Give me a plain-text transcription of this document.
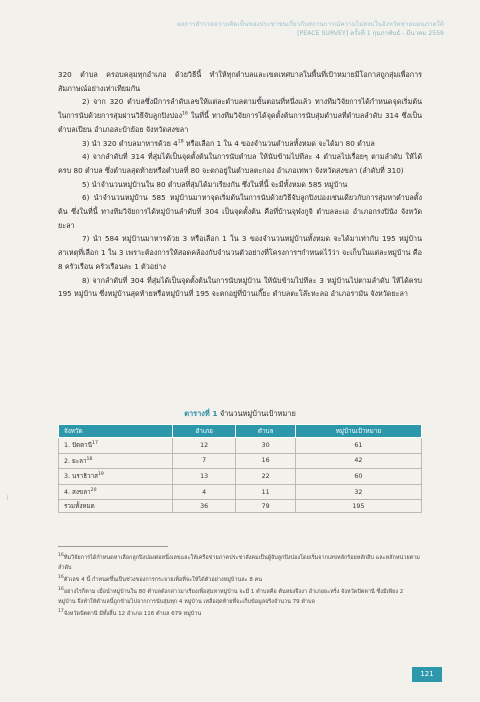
ผลการสำรวจความคิดเห็นของประชาชนเกี่ยวกับสถานการณ์ความไม่สงบในจังหวัดชายแดนภาคใต้
[PEACE SURVEY] ครั้งที่ 1 กุมภาพันธ์ - มีนาคม 2559

320 ตำบล ครอบคลุมทุกอำเภอ ด้วยวิธีนี้ ทำให้ทุกตำบลและเขตเทศบาลในพื้นที่เป้าหมายมีโอกาสถูกสุ่มเพื่อการสัมภาษณ์อย่างเท่าเทียมกัน

2) จาก 320 ตำบลซึ่งมีการลำดับเลขให้แต่ละตำบลตามขั้นตอนที่หนึ่งแล้ว ทางทีมวิจัยการได้กำหนดจุดเริ่มต้นในการนับด้วยการสุ่มผ่านวิธีจับลูกปิงปอง$^{16}$ ในที่นี้ ทางทีมวิจัยการได้จุดตั้งต้นการนับสุ่มตำบลที่ตำบลลำดับ 314 ซึ่งเป็นตำบลเปียน อำเภอสะบ้าย้อย จังหวัดสงขลา

3) นำ 320 ตำบลมาหารด้วย $4^{18}$ หรือเลือก 1 ใน 4 ของจำนวนตำบลทั้งหมด จะได้มา 80 ตำบล

4) จากลำดับที่ 314 ที่สุ่มได้เป็นจุดตั้งต้นในการนับตำบล ให้นับข้ามไปทีละ 4 ตำบลไปเรื่อยๆ ตามลำดับ ให้ได้ครบ 80 ตำบล ซึ่งตำบลสุดท้ายหรือตำบลที่ 80 จะตกอยู่ในตำบลตะกอง อำเภอเทพา จังหวัดสงขลา (ลำดับที่ 310)

5) นำจำนวนหมู่บ้านใน 80 ตำบลที่สุ่มได้มาเรียงกัน ซึ่งในที่นี้ จะมีทั้งหมด 585 หมู่บ้าน

6) นำจำนวนหมู่บ้าน 585 หมู่บ้านมาหาจุดเริ่มต้นในการนับด้วยวิธีจับลูกปิงปองเช่นเดียวกับการสุ่มหาตำบลตั้งต้น ซึ่งในที่นี้ ทางทีมวิจัยการได้หมู่บ้านลำดับที่ 304 เป็นจุดตั้งต้น คือที่บ้านจุฬงกูจิ ตำบลละเอ อำเภอกรงปินัง จังหวัดยะลา

7) นำ 584 หมู่บ้านมาหารด้วย 3 หรือเลือก 1 ใน 3 ของจำนวนหมู่บ้านทั้งหมด จะได้มาเท่ากับ 195 หมู่บ้าน สาเหตุที่เลือก 1 ใน 3 เพราะต้องการให้สอดคล้องกับจำนวนตัวอย่างที่โครงการฯกำหนดไว้ว่า จะเก็บในแต่ละหมู่บ้าน คือ 8 ครัวเรือน ครัวเรือนละ 1 ตัวอย่าง

8) จากลำดับที่ 304 ที่สุ่มได้เป็นจุดตั้งต้นในการนับหมู่บ้าน ให้นับข้ามไปทีละ 3 หมู่บ้านไปตามลำดับ ให้ได้ครบ 195 หมู่บ้าน ซึ่งหมู่บ้านสุดท้ายหรือหมู่บ้านที่ 195 จะตกอยู่ที่บ้านเกี๊ยะ ตำบลตะโล๊ะหะลอ อำเภอรามัน จังหวัดยะลา

ตารางที่ 1 จำนวนหมู่บ้านเป้าหมาย
จังหวัด	อำเภอ	ตำบล	หมู่บ้านเป้าหมาย
1. ปัตตานี$^{17}$	12	30	61
2. ยะลา$^{18}$	7	16	42
3. นราธิวาส$^{19}$	13	22	60
4. สงขลา$^{20}$	4	11	32
รวมทั้งหมด	36	79	195
~

$^{16}$ทีมวิจัยการได้กำหนดหาเลือกลูกปิงปองต่อหนึ่งเลขและให้เครือข่ายภาคประชาสังคมเป็นผู้จับลูกปิงปองโดยเริ่มจากเลขหลักร้อยหลักสิบ และหลักหน่วยตามลำดับ

$^{16}$ตัวเลข 4 นี้ กำหนดขึ้นเป็นช่วงของการกระจายเพื่อที่จะให้ได้ตัวอย่างหมู่บ้านละ 8 คน

$^{16}$อย่างไรก็ตาม เมื่อนำหมู่บ้านใน 80 ตำบลดังกล่าวมาเรียงเพื่อสุ่มหาหมู่บ้าน จะมี 1 ตำบลคือ ตันหยงจึงงา อำเภอยะหริ่ง จังหวัดปัตตานี ซึ่งมีเพียง 2 หมู่บ้าน จึงทำให้ตำบลนี้ถูกข้ามไปจากการนับสุ่มทุก 4 หมู่บ้าน เหลือสุดท้ายที่จะเก็บข้อมูลจริงจำนวน 79 ตำบล

$^{17}$จังหวัดปัตตานี มีทั้งสิ้น 12 อำเภอ 116 ตำบล 679 หมู่บ้าน

121
